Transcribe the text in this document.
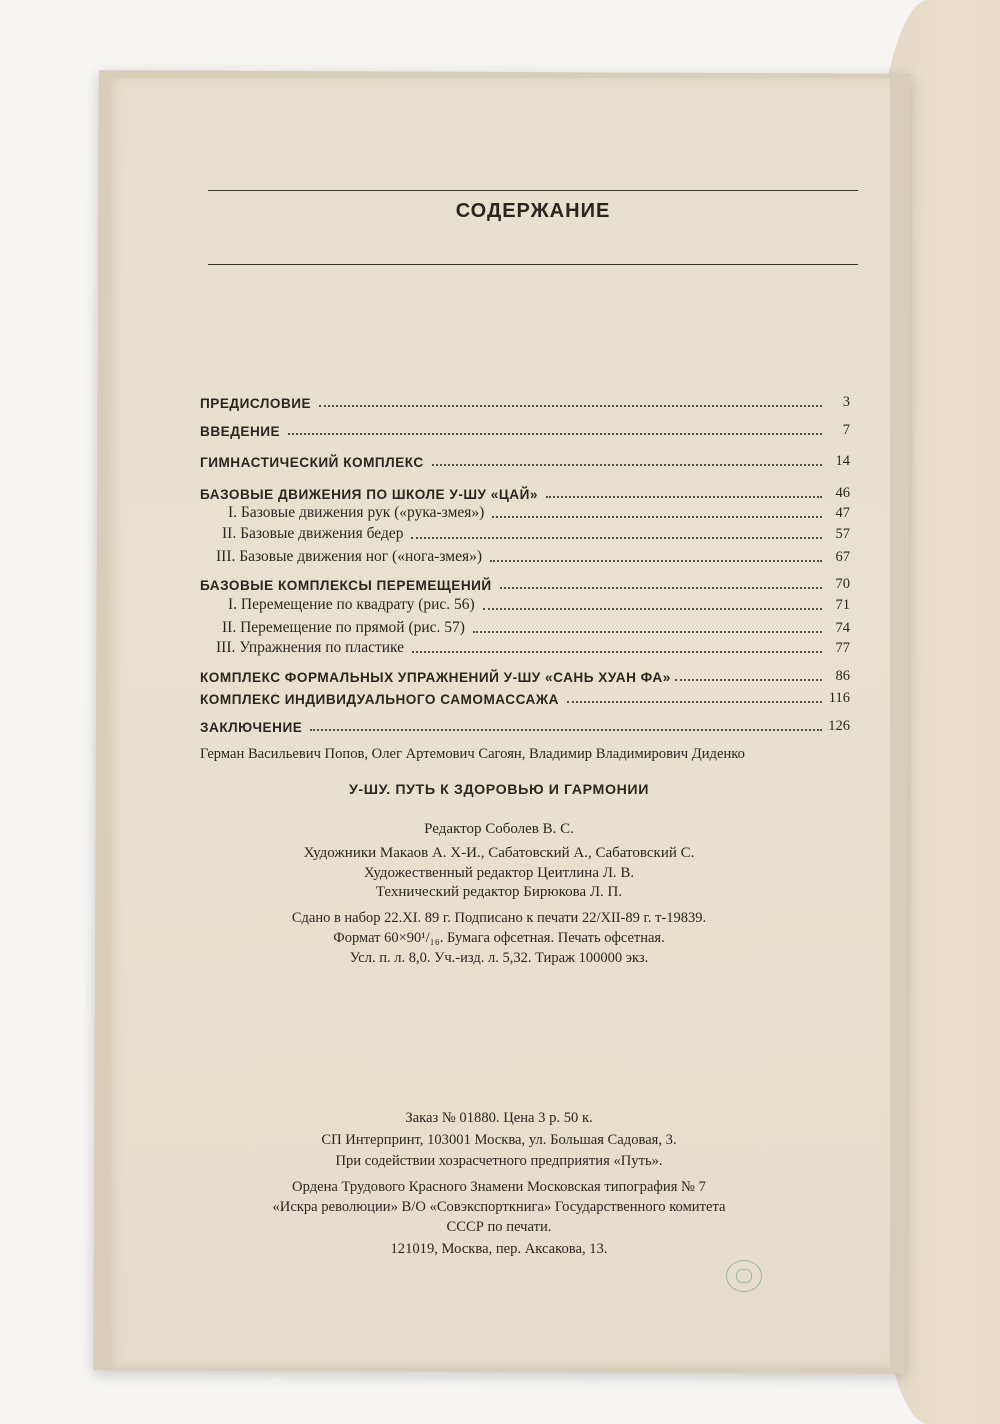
СОДЕРЖАНИЕ
ПРЕДИСЛОВИЕ	3
ВВЕДЕНИЕ	7
ГИМНАСТИЧЕСКИЙ КОМПЛЕКС	14
БАЗОВЫЕ ДВИЖЕНИЯ ПО ШКОЛЕ У-ШУ «ЦАЙ»	46
I. Базовые движения рук («рука-змея»)	47
II. Базовые движения бедер	57
III. Базовые движения ног («нога-змея»)	67
БАЗОВЫЕ КОМПЛЕКСЫ ПЕРЕМЕЩЕНИЙ	70
I. Перемещение по квадрату (рис. 56)	71
II. Перемещение по прямой (рис. 57)	74
III. Упражнения по пластике	77
КОМПЛЕКС ФОРМАЛЬНЫХ УПРАЖНЕНИЙ У-ШУ «САНЬ ХУАН ФА»	86
КОМПЛЕКС ИНДИВИДУАЛЬНОГО САМОМАССАЖА	116
ЗАКЛЮЧЕНИЕ	126
Герман Васильевич Попов, Олег Артемович Сагоян, Владимир Владимирович Диденко
У-ШУ. ПУТЬ К ЗДОРОВЬЮ И ГАРМОНИИ
Редактор Соболев В. С.
Художники Макаов А. Х-И., Сабатовский А., Сабатовский С.
Художественный редактор Цеитлина Л. В.
Технический редактор Бирюкова Л. П.
Сдано в набор 22.XI. 89 г. Подписано к печати 22/XII-89 г. т-19839.
Формат 60×90¹/₁₆. Бумага офсетная. Печать офсетная.
Усл. п. л. 8,0. Уч.-изд. л. 5,32. Тираж 100000 экз.
Заказ № 01880. Цена 3 р. 50 к.
СП Интерпринт, 103001 Москва, ул. Большая Садовая, 3.
При содействии хозрасчетного предприятия «Путь».
Ордена Трудового Красного Знамени Московская типография № 7
«Искра революции» В/О «Совэкспорткнига» Государственного комитета
СССР по печати.
121019, Москва, пер. Аксакова, 13.
